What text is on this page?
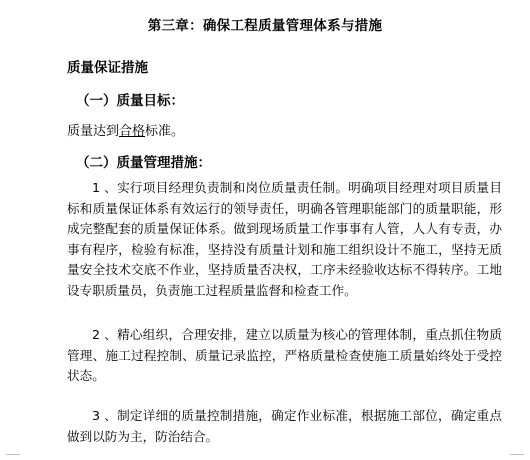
第三章：确保工程质量管理体系与措施
质量保证措施
（一）质量目标：
质量达到合格标准。
（二）质量管理措施：

1 、实行项目经理负责制和岗位质量责任制。明确项目经理对项目质量目标和质量保证体系有效运行的领导责任，明确各管理职能部门的质量职能，形成完整配套的质量保证体系。做到现场质量工作事事有人管，人人有专责，办事有程序，检验有标准，坚持没有质量计划和施工组织设计不施工，坚持无质量安全技术交底不作业，坚持质量否决权，工序未经验收达标不得转序。工地设专职质量员，负责施工过程质量监督和检查工作。

2 、精心组织，合理安排，建立以质量为核心的管理体制，重点抓住物质管理、施工过程控制、质量记录监控，严格质量检查使施工质量始终处于受控状态。

3 、制定详细的质量控制措施，确定作业标准，根据施工部位，确定重点做到以防为主，防治结合。
